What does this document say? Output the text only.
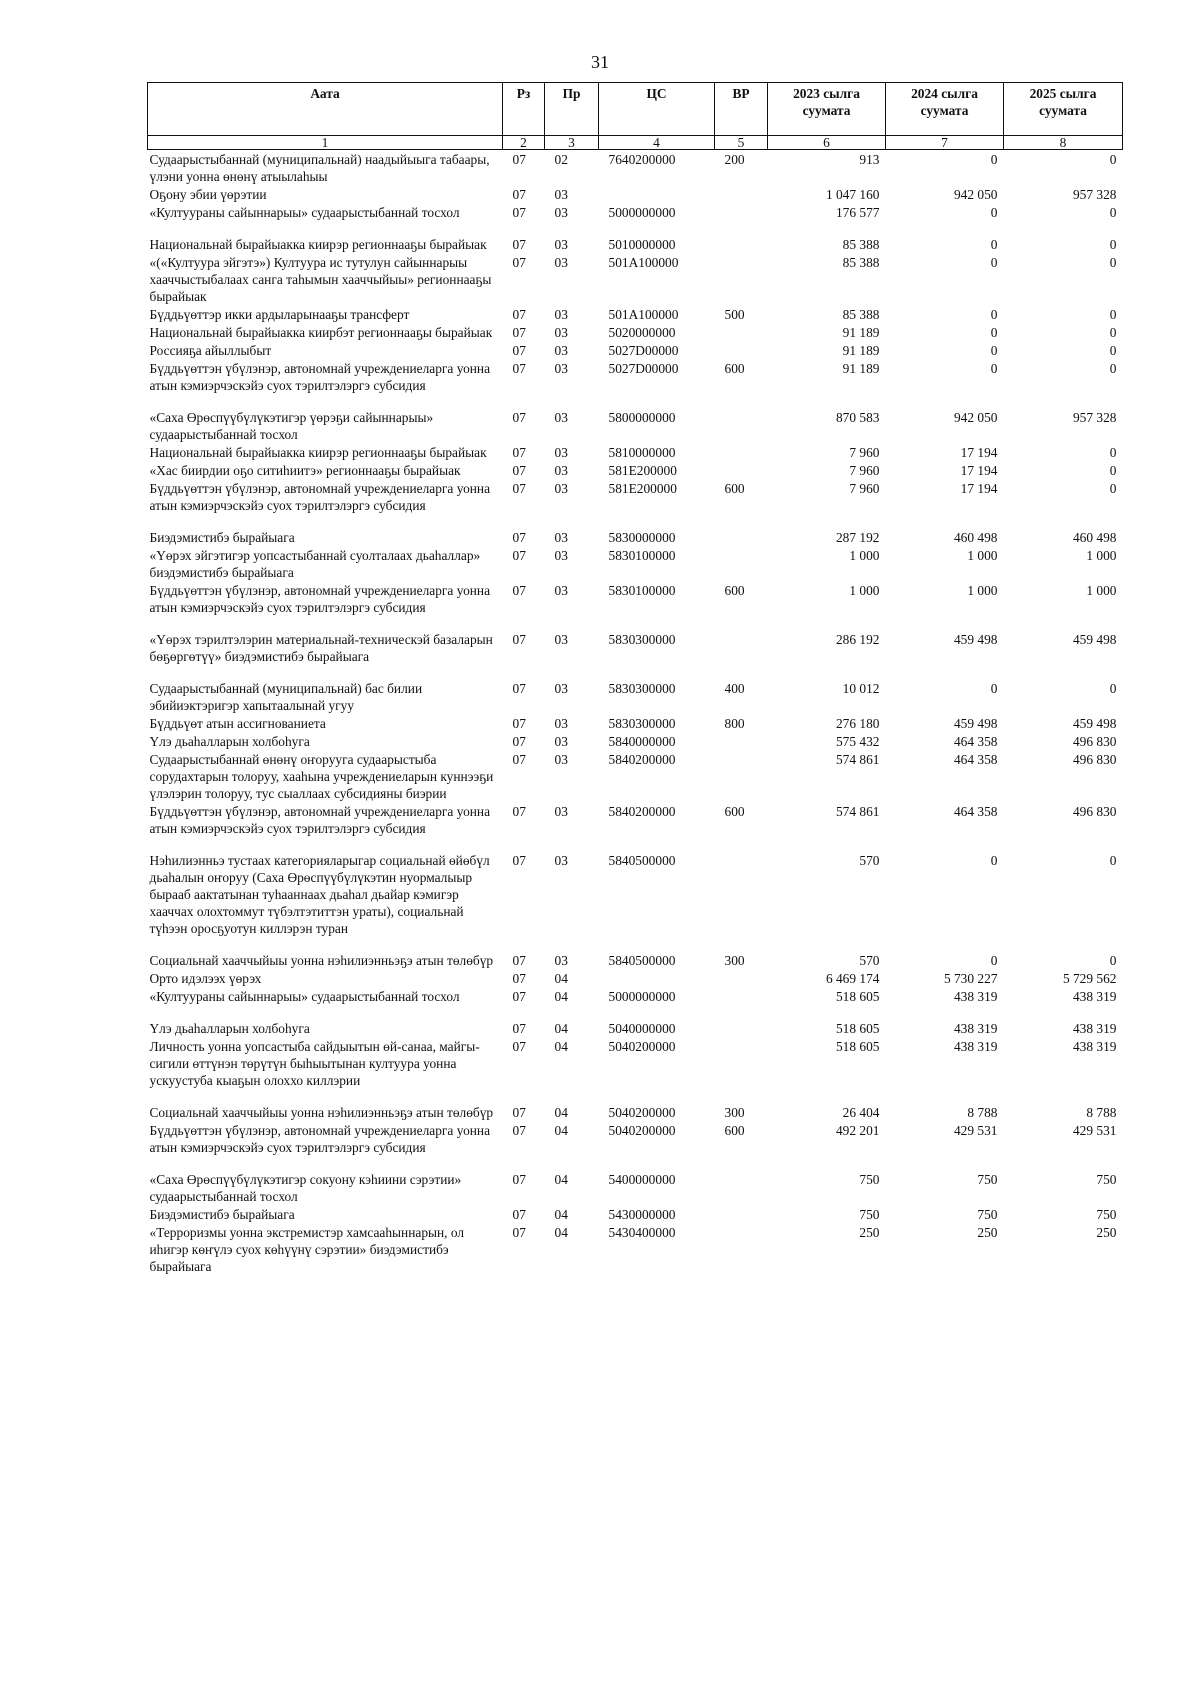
31
Аата	Рз	Пр	ЦС	ВР	2023 сылга суумата	2024 сылга суумата	2025 сылга суумата
1	2	3	4	5	6	7	8
Судаарыстыбаннай (муниципальнай) наадыйыыга табаары, үлэни уонна өнөнү атыылаһыы	07	02	7640200000	200	913	0	0
Оҕону эбии үөрэтии	07	03			1 047 160	942 050	957 328
«Култуураны сайыннарыы» судаарыстыбаннай тосхол	07	03	5000000000		176 577	0	0
Национальнай бырайыакка киирэр регионнааҕы бырайыак	07	03	5010000000		85 388	0	0
«(«Култуура эйгэтэ») Култуура ис тутулун сайыннарыы хааччыстыбалаах санга таһымын хааччыйыы» регионнааҕы бырайыак	07	03	501A100000		85 388	0	0
Бүддьүөттэр икки ардыларынааҕы трансферт	07	03	501A100000	500	85 388	0	0
Национальнай бырайыакка киирбэт регионнааҕы бырайыак	07	03	5020000000		91 189	0	0
Россияҕа айыллыбыт	07	03	5027D00000		91 189	0	0
Бүддьүөттэн үбүлэнэр, автономнай учреждениеларга уонна атын кэмиэрчэскэйэ суох тэрилтэлэргэ субсидия	07	03	5027D00000	600	91 189	0	0
«Саха Өрөспүүбүлүкэтигэр үөрэҕи сайыннарыы» судаарыстыбаннай тосхол	07	03	5800000000		870 583	942 050	957 328
Национальнай бырайыакка киирэр регионнааҕы бырайыак	07	03	5810000000		7 960	17 194	0
«Хас биирдии оҕо ситиһиитэ» регионнааҕы бырайыак	07	03	581E200000		7 960	17 194	0
Бүддьүөттэн үбүлэнэр, автономнай учреждениеларга уонна атын кэмиэрчэскэйэ суох тэрилтэлэргэ субсидия	07	03	581E200000	600	7 960	17 194	0
Биэдэмистибэ бырайыага	07	03	5830000000		287 192	460 498	460 498
«Үөрэх эйгэтигэр уопсастыбаннай суолталаах дьаһаллар» биэдэмистибэ бырайыага	07	03	5830100000		1 000	1 000	1 000
Бүддьүөттэн үбүлэнэр, автономнай учреждениеларга уонна атын кэмиэрчэскэйэ суох тэрилтэлэргэ субсидия	07	03	5830100000	600	1 000	1 000	1 000
«Үөрэх тэрилтэлэрин материальнай-техническэй базаларын бөҕөргөтүү» биэдэмистибэ бырайыага	07	03	5830300000		286 192	459 498	459 498
Судаарыстыбаннай (муниципальнай) бас билии эбийиэктэригэр хапытаалынай угуу	07	03	5830300000	400	10 012	0	0
Бүддьүөт атын ассигнованиета	07	03	5830300000	800	276 180	459 498	459 498
Үлэ дьаһалларын холбоһуга	07	03	5840000000		575 432	464 358	496 830
Судаарыстыбаннай өнөнү оҥорууга судаарыстыба сорудахтарын толоруу, хааһына учреждениеларын куннээҕи үлэлэрин толоруу, тус сыаллаах субсидияны биэрии	07	03	5840200000		574 861	464 358	496 830
Бүддьүөттэн үбүлэнэр, автономнай учреждениеларга уонна атын кэмиэрчэскэйэ суох тэрилтэлэргэ субсидия	07	03	5840200000	600	574 861	464 358	496 830
Нэһилиэнньэ тустаах категорияларыгар социальнай өйөбүл дьаһалын оҥоруу (Саха Өрөспүүбүлүкэтин нуормалыыр бырааб аактатынан туһааннаах дьаһал дьайар кэмигэр хааччах олохтоммут түбэлтэтиттэн ураты), социальнай түһээн оросҕуотун киллэрэн туран	07	03	5840500000		570	0	0
Социальнай хааччыйыы уонна нэһилиэнньэҕэ атын төлөбүр	07	03	5840500000	300	570	0	0
Орто идэлээх үөрэх	07	04			6 469 174	5 730 227	5 729 562
«Култуураны сайыннарыы» судаарыстыбаннай тосхол	07	04	5000000000		518 605	438 319	438 319
Үлэ дьаһалларын холбоһуга	07	04	5040000000		518 605	438 319	438 319
Личность уонна уопсастыба сайдыытын өй-санаа, майгы-сигили өттүнэн төрүтүн быһыытынан култуура уонна ускуустуба кыаҕын олоххо киллэрии	07	04	5040200000		518 605	438 319	438 319
Социальнай хааччыйыы уонна нэһилиэнньэҕэ атын төлөбүр	07	04	5040200000	300	26 404	8 788	8 788
Бүддьүөттэн үбүлэнэр, автономнай учреждениеларга уонна атын кэмиэрчэскэйэ суох тэрилтэлэргэ субсидия	07	04	5040200000	600	492 201	429 531	429 531
«Саха Өрөспүүбүлүкэтигэр сокуону кэһиини сэрэтии» судаарыстыбаннай тосхол	07	04	5400000000		750	750	750
Биэдэмистибэ бырайыага	07	04	5430000000		750	750	750
«Терроризмы уонна экстремистэр хамсааһыннарын, ол иһигэр көҥүлэ суох көһүүнү сэрэтии» биэдэмистибэ бырайыага	07	04	5430400000		250	250	250
